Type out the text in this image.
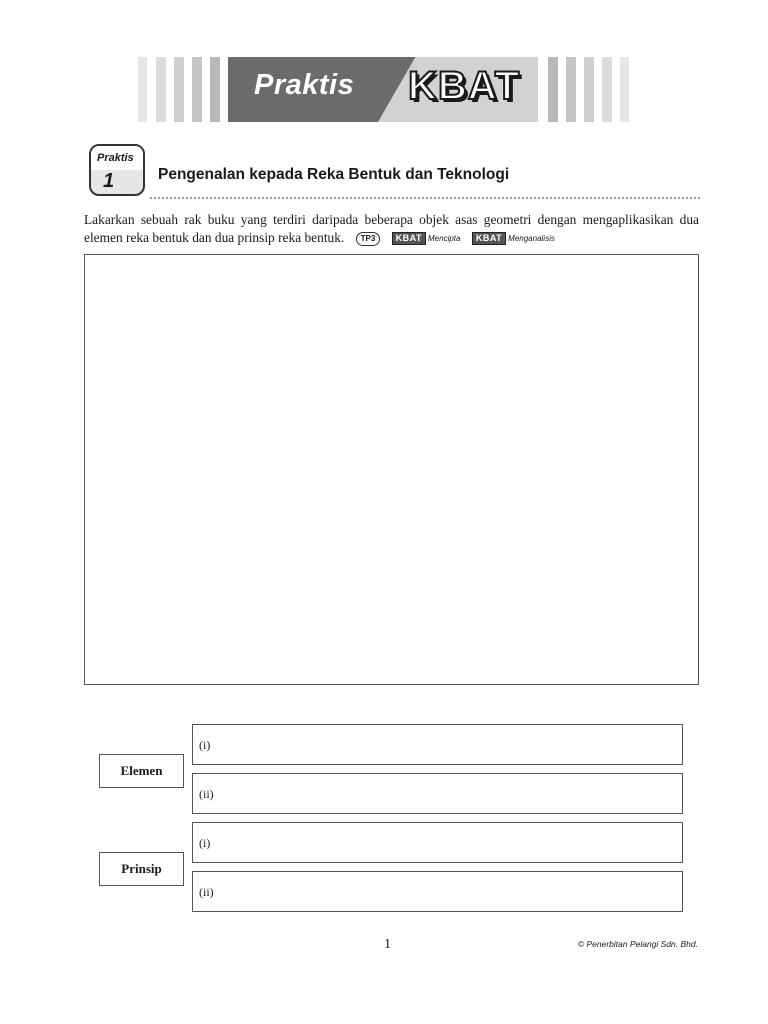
Praktis KBAT
Praktis
1	Pengenalan kepada Reka Bentuk dan Teknologi
Lakarkan sebuah rak buku yang terdiri daripada beberapa objek asas geometri dengan mengaplikasikan dua elemen reka bentuk dan dua prinsip reka bentuk. TP3 KBAT Mencipta KBAT Menganalisis
Elemen
(i)
(ii)
Prinsip
(i)
(ii)
1	© Penerbitan Pelangi Sdn. Bhd.
